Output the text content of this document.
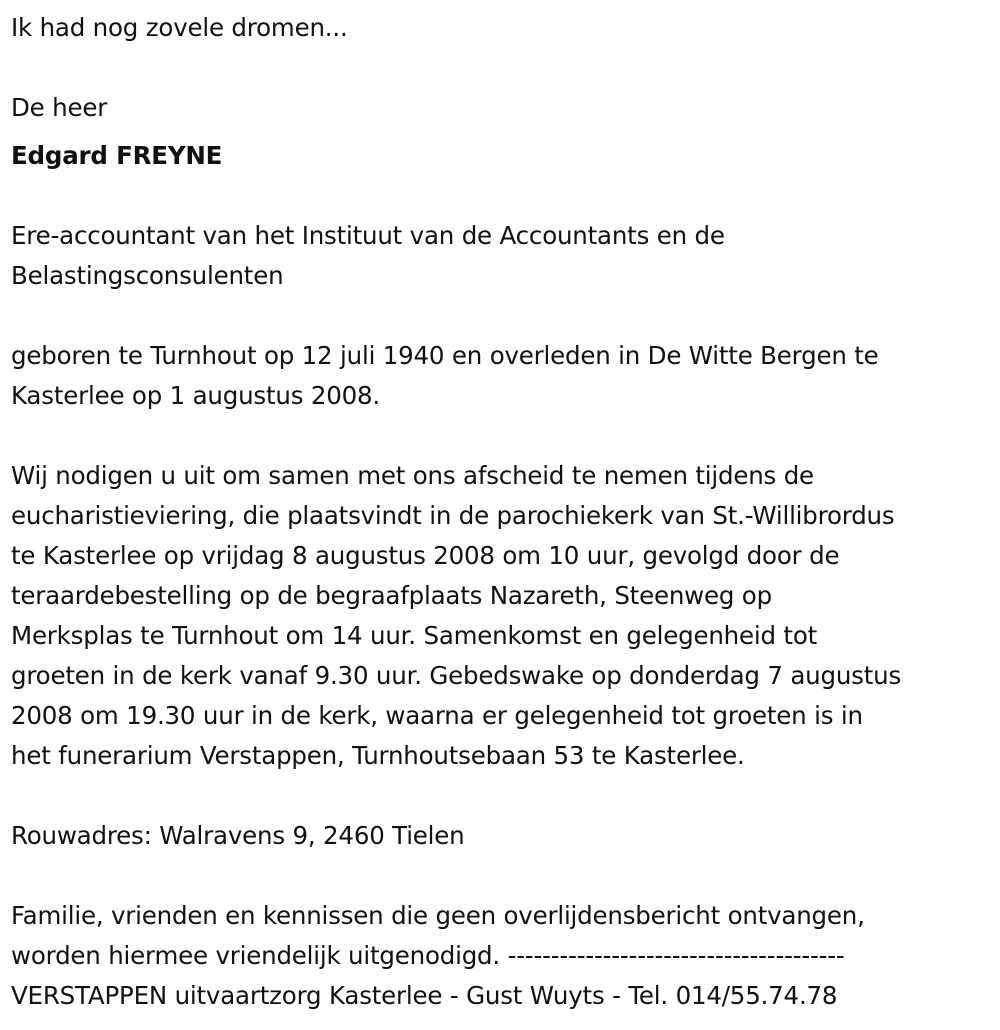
Ik had nog zovele dromen...

De heer

Edgard FREYNE

Ere-accountant van het Instituut van de Accountants en de

Belastingsconsulenten

geboren te Turnhout op 12 juli 1940 en overleden in De Witte Bergen te

Kasterlee op 1 augustus 2008.

Wij nodigen u uit om samen met ons afscheid te nemen tijdens de

eucharistieviering, die plaatsvindt in de parochiekerk van St.-Willibrordus

te Kasterlee op vrijdag 8 augustus 2008 om 10 uur, gevolgd door de

teraardebestelling op de begraafplaats Nazareth, Steenweg op

Merksplas te Turnhout om 14 uur. Samenkomst en gelegenheid tot

groeten in de kerk vanaf 9.30 uur. Gebedswake op donderdag 7 augustus

2008 om 19.30 uur in de kerk, waarna er gelegenheid tot groeten is in

het funerarium Verstappen, Turnhoutsebaan 53 te Kasterlee.

Rouwadres: Walravens 9, 2460 Tielen

Familie, vrienden en kennissen die geen overlijdensbericht ontvangen,

worden hiermee vriendelijk uitgenodigd. ---------------------------------------

VERSTAPPEN uitvaartzorg Kasterlee - Gust Wuyts - Tel. 014/55.74.78
